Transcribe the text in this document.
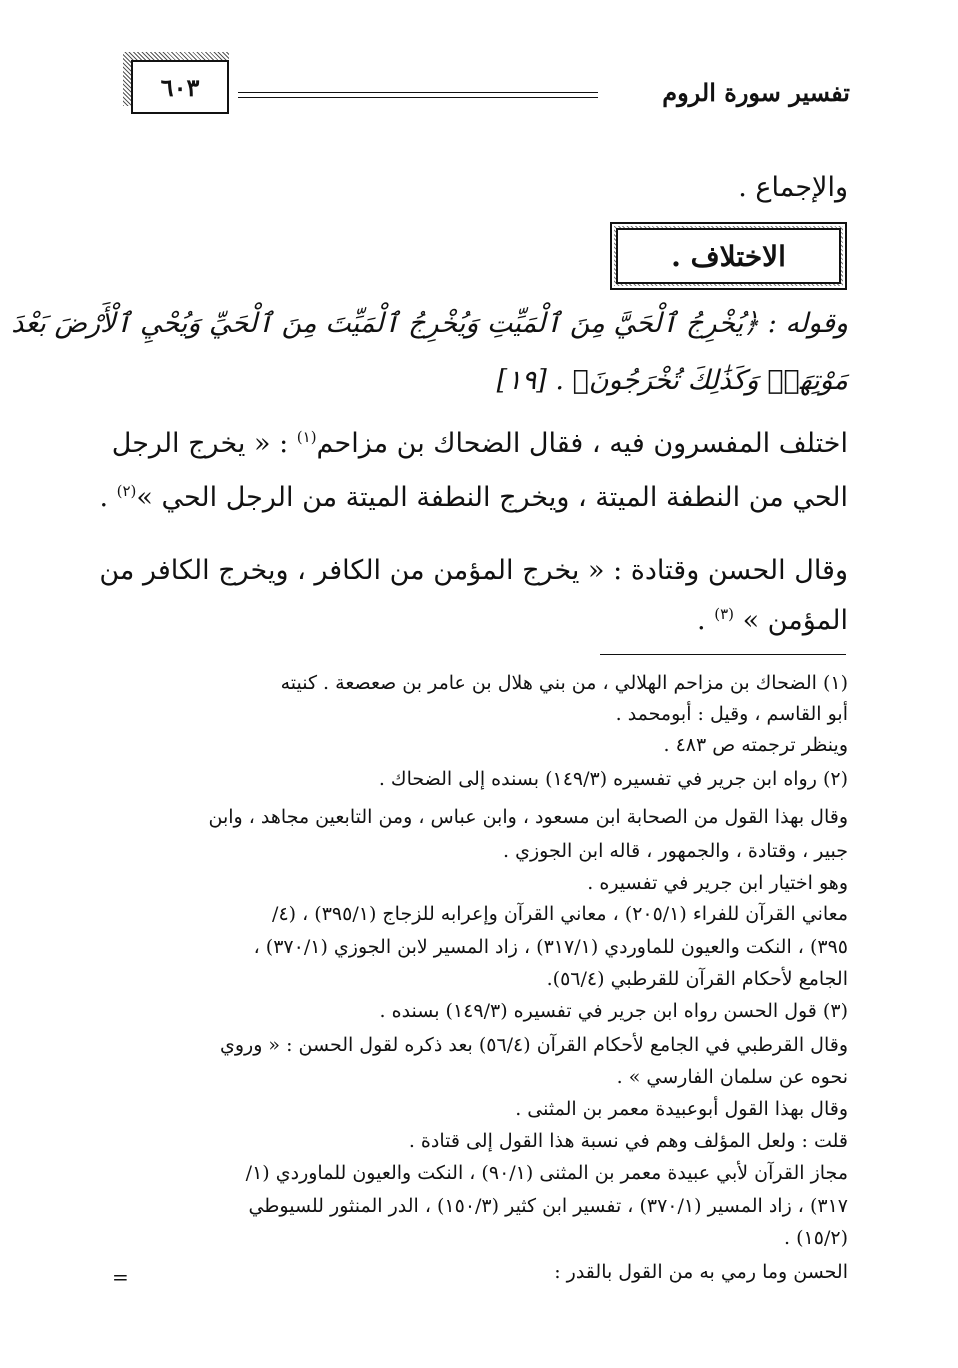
٦٠٣	تفسير سورة الروم
والإجماع .
الاختلاف .
وقوله : ﴿يُخْرِجُ ٱلْحَيَّ مِنَ ٱلْمَيِّتِ وَيُخْرِجُ ٱلْمَيِّتَ مِنَ ٱلْحَيِّ وَيُحْيِ ٱلْأَرْضَ بَعْدَ
مَوْتِهَاۚ وَكَذَٰلِكَ تُخْرَجُونَ﴾ . [١٩]
اختلف المفسرون فيه ، فقال الضحاك بن مزاحم$^{(١)}$ : « يخرج الرجل
الحي من النطفة الميتة ، ويخرج النطفة الميتة من الرجل الحي »$^{(٢)}$ .
وقال الحسن وقتادة : « يخرج المؤمن من الكافر ، ويخرج الكافر من
المؤمن » $^{(٣)}$ .
(١) الضحاك بن مزاحم الهلالي ، من بني هلال بن عامر بن صعصعة . كنيته
أبو القاسم ، وقيل : أبومحمد .
وينظر ترجمته ص ٤٨٣ .
(٢) رواه ابن جرير في تفسيره (١٤٩/٣) بسنده إلى الضحاك .
وقال بهذا القول من الصحابة ابن مسعود ، وابن عباس ، ومن التابعين مجاهد ، وابن
جبير ، وقتادة ، والجمهور ، قاله ابن الجوزي .
وهو اختيار ابن جرير في تفسيره .
معاني القرآن للفراء (٢٠٥/١) ، معاني القرآن وإعرابه للزجاج (٣٩٥/١) ، (٤/
٣٩٥) ، النكت والعيون للماوردي (٣١٧/١) ، زاد المسير لابن الجوزي (٣٧٠/١) ،
الجامع لأحكام القرآن للقرطبي (٥٦/٤).
(٣) قول الحسن رواه ابن جرير في تفسيره (١٤٩/٣) بسنده .
وقال القرطبي في الجامع لأحكام القرآن (٥٦/٤) بعد ذكره لقول الحسن : « وروي
نحوه عن سلمان الفارسي » .
وقال بهذا القول أبوعبيدة معمر بن المثنى .
قلت : ولعل المؤلف وهم في نسبة هذا القول إلى قتادة .
مجاز القرآن لأبي عبيدة معمر بن المثنى (٩٠/١) ، النكت والعيون للماوردي (١/
٣١٧) ، زاد المسير (٣٧٠/١) ، تفسير ابن كثير (١٥٠/٣) ، الدر المنثور للسيوطي
(١٥/٢) .
الحسن وما رمي به من القول بالقدر :
=
